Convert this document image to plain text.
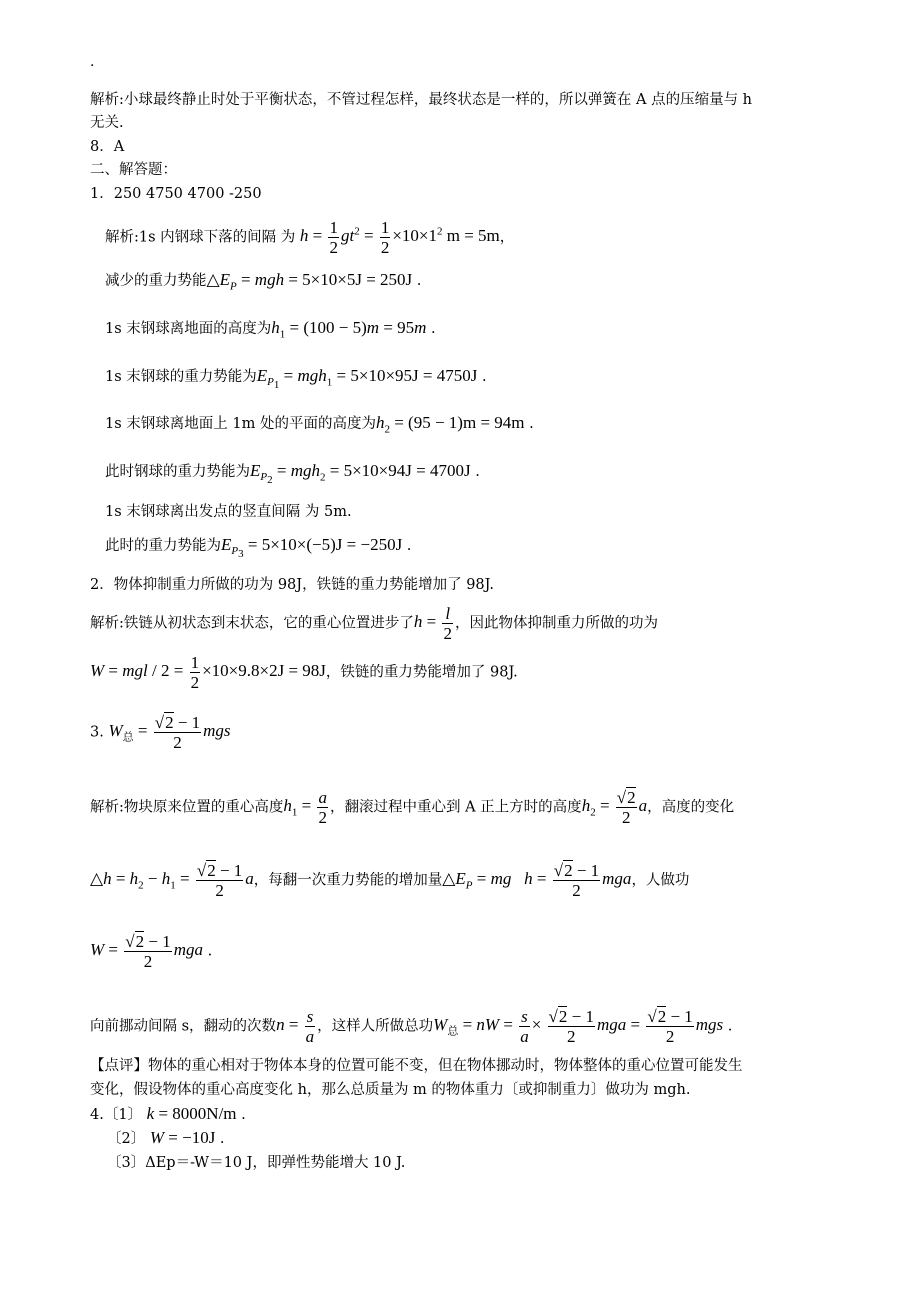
·
解析:小球最终静止时处于平衡状态，不管过程怎样，最终状态是一样的，所以弹簧在 A 点的压缩量与 h
无关.
8．A
二、解答题：
1．250 4750 4700 -250
解析:1s 内钢球下落的间隔 为 $h = \frac{1}{2} gt^2 = \frac{1}{2} \times 10\times 1^2$ m = 5m，
减少的重力势能$\triangle E_P$ = mgh = 5×10×5J = 250J .
1s 末钢球离地面的高度为$h_1 = (100 - 5)m = 95m$ .
1s 末钢球的重力势能为$E_{P_1} = mgh_1 = 5\times 10\times 95J = 4750J$ .
1s 末钢球离地面上 1m 处的平面的高度为$h_2 = (95 - 1)m = 94m$ .
此时钢球的重力势能为$E_{P_2} = mgh_2 = 5\times 10\times 94J = 4700J$ .
1s 末钢球离出发点的竖直间隔 为 5m.
此时的重力势能为$E_{P_3} = 5\times 10\times(-5)J = -250J$ .
2．物体抑制重力所做的功为 98J，铁链的重力势能增加了 98J.
解析:铁链从初状态到末状态，它的重心位置进步了$h = \frac{l}{2}$ ，因此物体抑制重力所做的功为
W = mgl / $2 = \frac{1}{2} \times 10\times 9.8\times 2J = 98J$，铁链的重力势能增加了 98J.
3. $W_总 = \frac{√2 - 1}{2}$ mgs
解析:物块原来位置的重心高度$h_1 = \frac{a}{2}$ ，翻滚过程中重心到 A 正上方时的高度$h_2 = \frac{√2}{2}$ a，高度的变化
△h = $h_2 - h_1 = \frac{√2 - 1}{2}$ a，每翻一次重力势能的增加量$\triangle E_P$ = mg $h = \frac{√2 - 1}{2}$ mga，人做功
$W = \frac{√2 - 1}{2}$ mga .
向前挪动间隔 s，翻动的次数$n = \frac{s}{a}$ ，这样人所做总功$W_总$ = nW = $\frac{s}{a} \times \frac{√2 - 1}{2}$ mga = $\frac{√2 - 1}{2}$ mgs .
【点评】物体的重心相对于物体本身的位置可能不变，但在物体挪动时，物体整体的重心位置可能发生
变化，假设物体的重心高度变化 h，那么总质量为 m 的物体重力〔或抑制重力〕做功为 mgh.
4.〔1〕 k = 8000N/m .
〔2〕 W = −10J .
〔3〕ΔEp＝-W＝10 J，即弹性势能增大 10 J.
